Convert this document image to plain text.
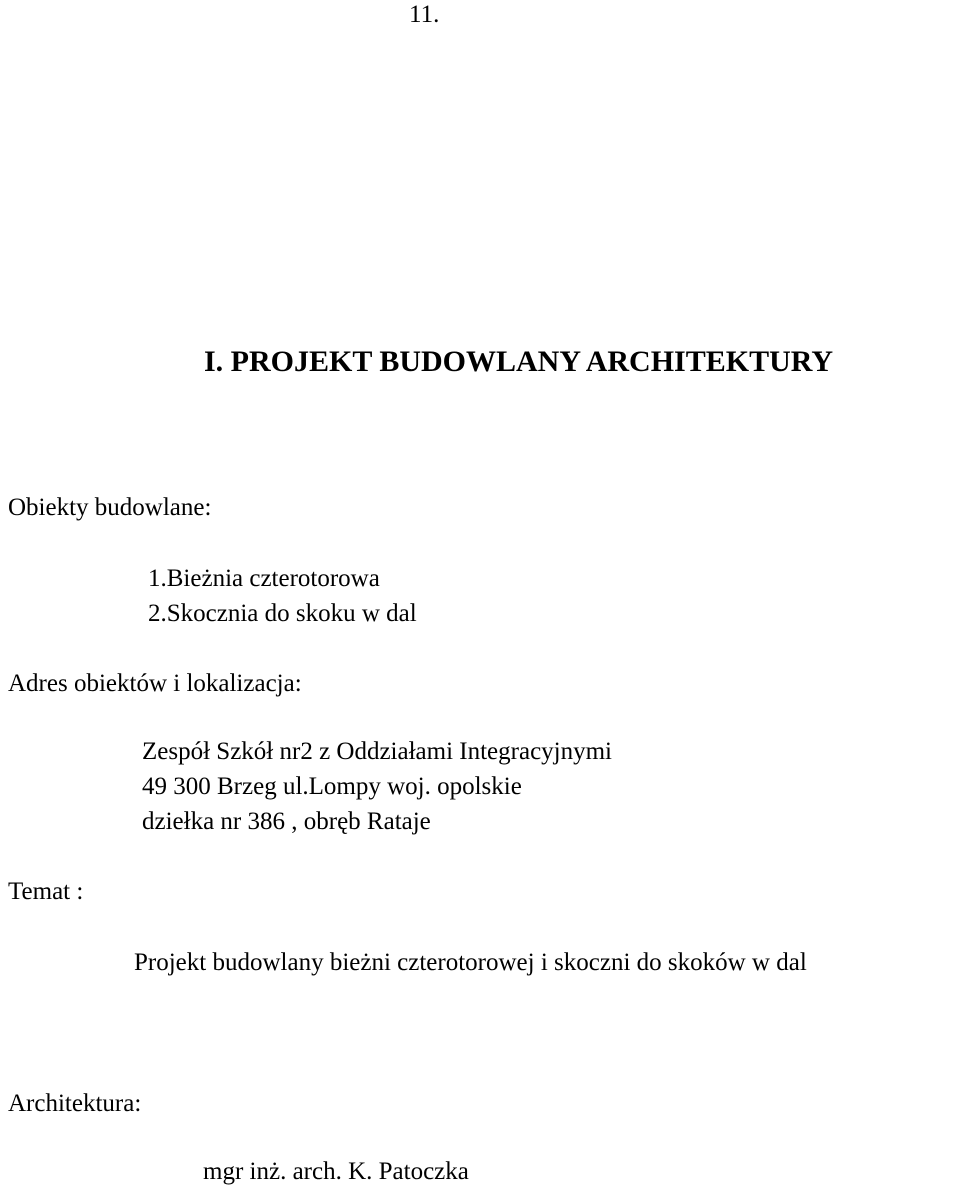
11.
I. PROJEKT BUDOWLANY ARCHITEKTURY
Obiekty budowlane:
1.Bieżnia czterotorowa
2.Skocznia do skoku w dal
Adres obiektów i lokalizacja:
Zespół Szkół nr2 z Oddziałami Integracyjnymi
49 300 Brzeg ul.Lompy woj. opolskie
dziełka nr 386 , obręb Rataje
Temat :
Projekt budowlany bieżni czterotorowej i skoczni do skoków w dal
Architektura:
mgr inż. arch. K. Patoczka
